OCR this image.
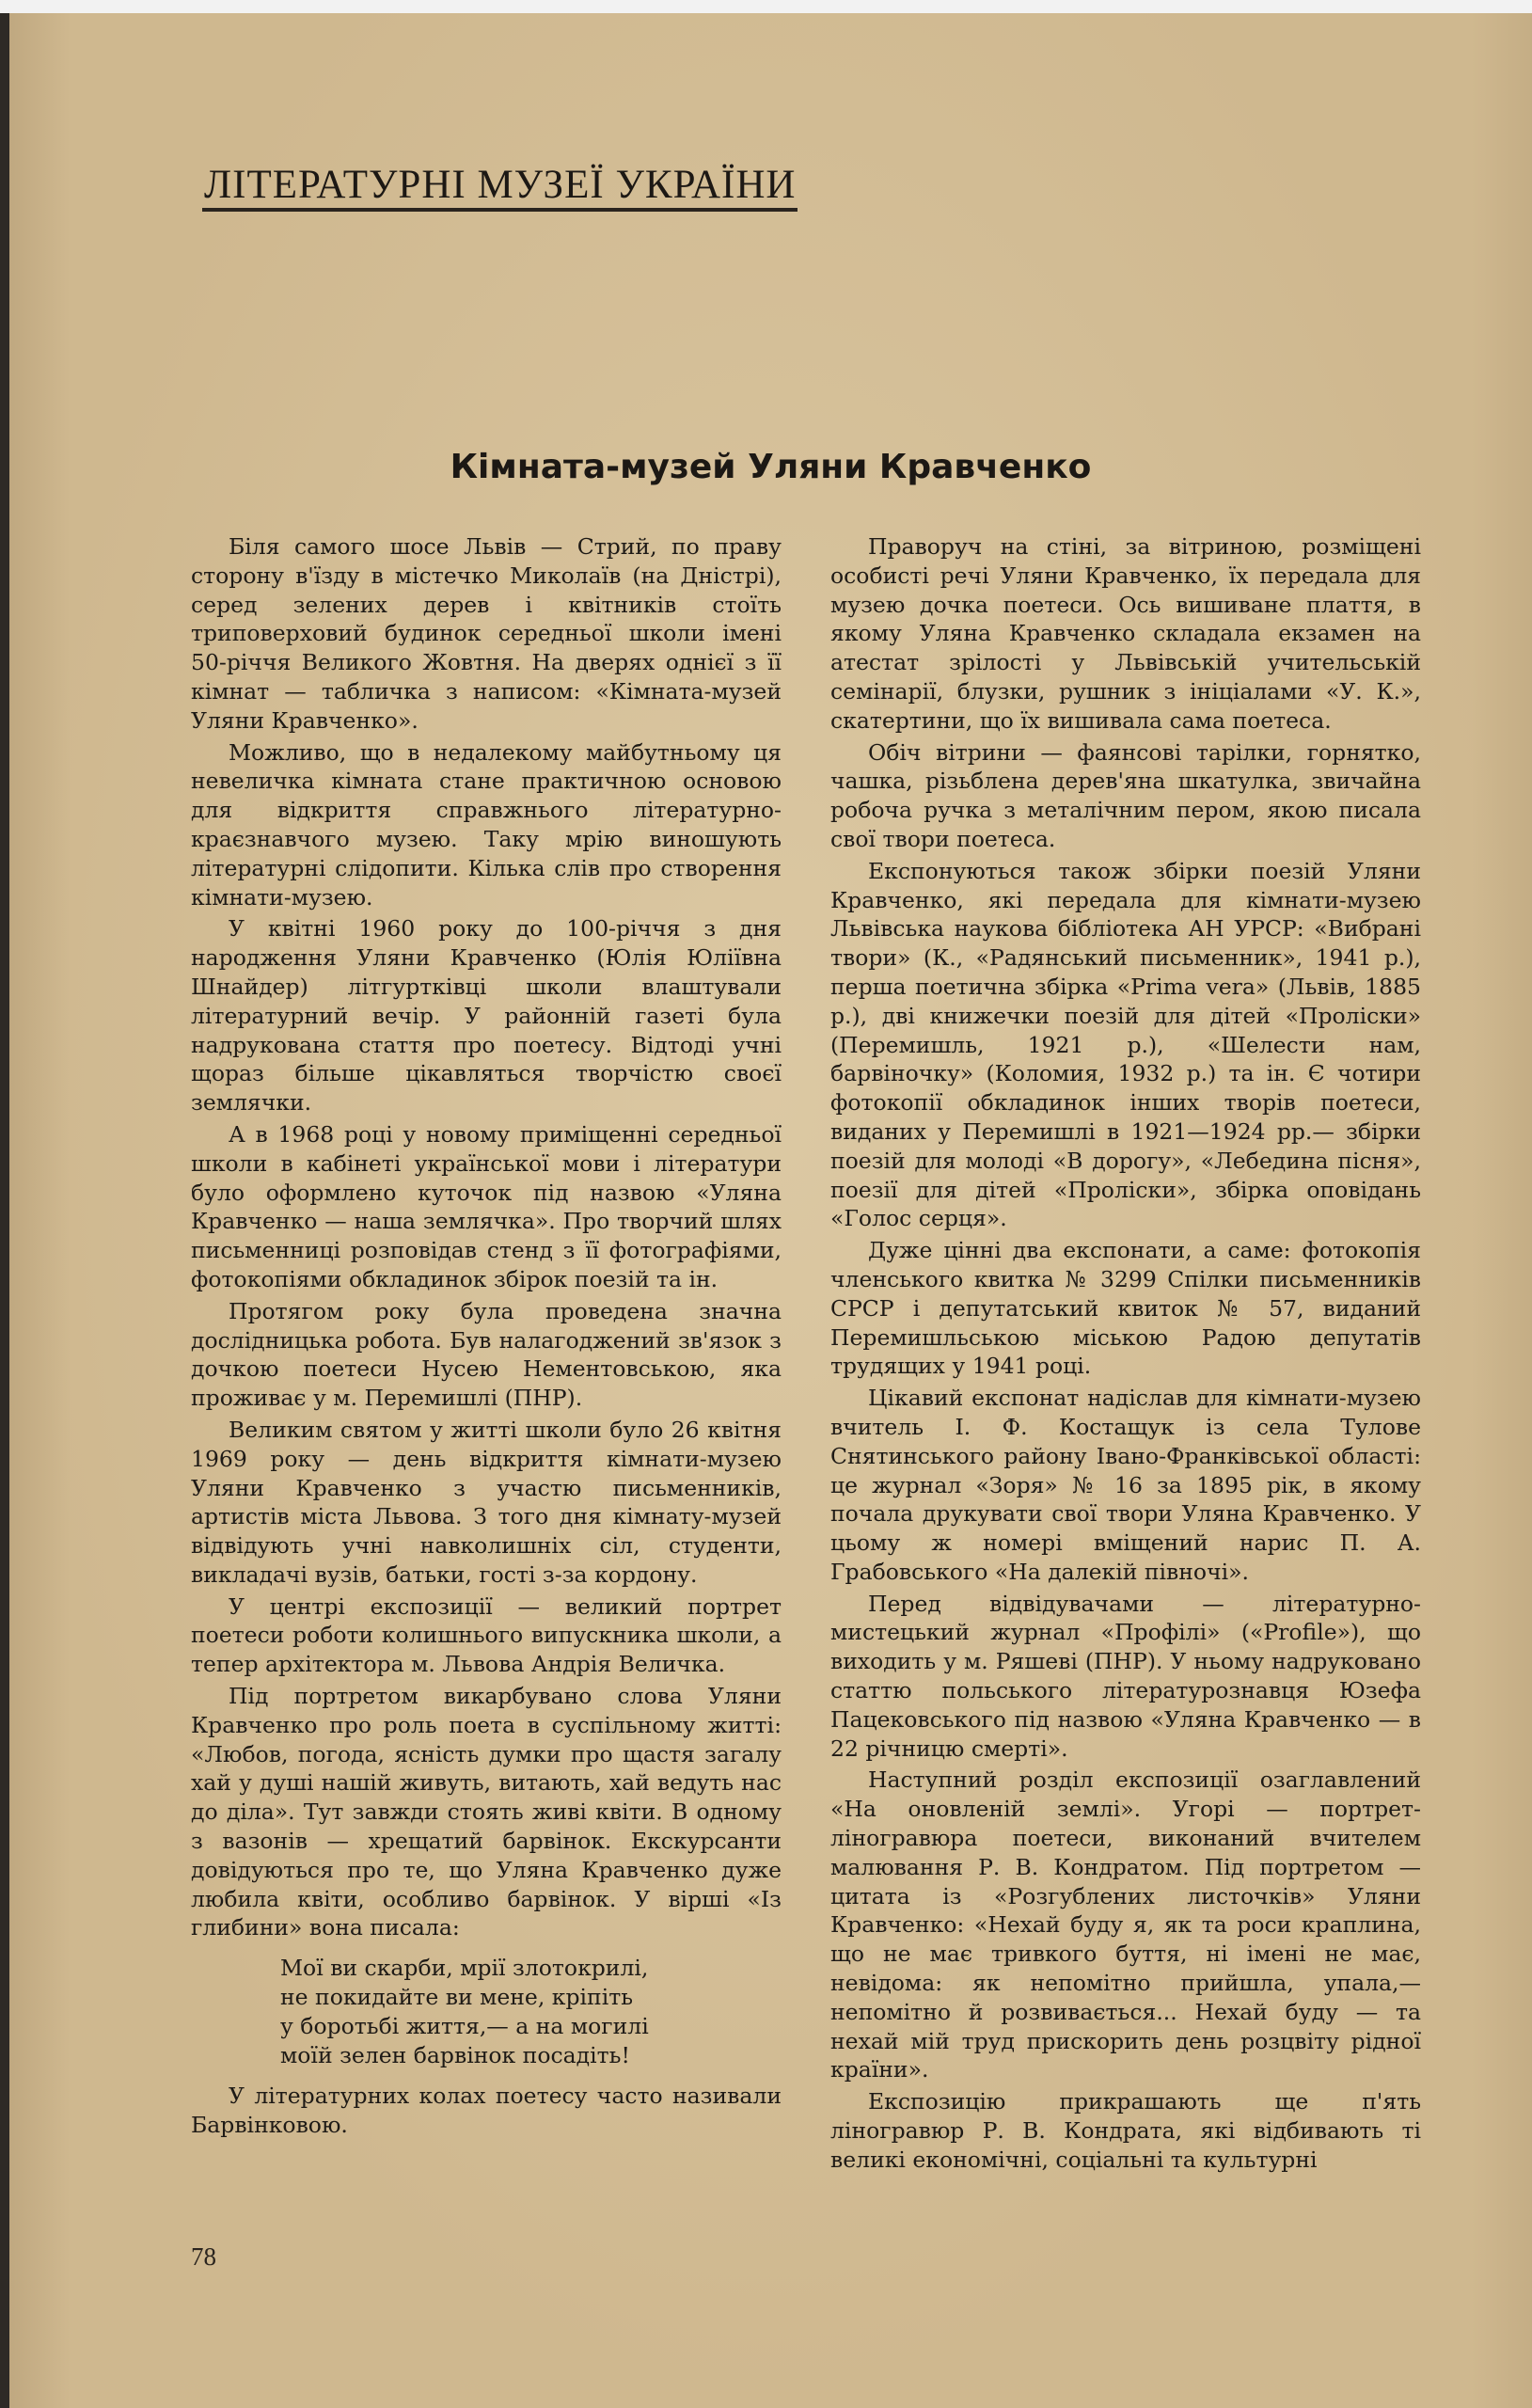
ЛІТЕРАТУРНІ МУЗЕЇ УКРАЇНИ
Кімната-музей Уляни Кравченко

Біля самого шосе Львів — Стрий, по праву сторону в'їзду в містечко Миколаїв (на Дністрі), серед зелених дерев і квітників стоїть триповерховий будинок середньої школи імені 50-річчя Великого Жовтня. На дверях однієї з її кімнат — табличка з написом: «Кімната-музей Уляни Кравченко».

Можливо, що в недалекому майбутньому ця невеличка кімната стане практичною основою для відкриття справжнього літературно-краєзнавчого музею. Таку мрію виношують літературні слідопити. Кілька слів про створення кімнати-музею.

У квітні 1960 року до 100-річчя з дня народження Уляни Кравченко (Юлія Юліївна Шнайдер) літгуртківці школи влаштували літературний вечір. У районній газеті була надрукована стаття про поетесу. Відтоді учні щораз більше цікавляться творчістю своєї землячки.

А в 1968 році у новому приміщенні середньої школи в кабінеті української мови і літератури було оформлено куточок під назвою «Уляна Кравченко — наша землячка». Про творчий шлях письменниці розповідав стенд з її фотографіями, фотокопіями обкладинок збірок поезій та ін.

Протягом року була проведена значна дослідницька робота. Був налагоджений зв'язок з дочкою поетеси Нусею Нементовською, яка проживає у м. Перемишлі (ПНР).

Великим святом у житті школи було 26 квітня 1969 року — день відкриття кімнати-музею Уляни Кравченко з участю письменників, артистів міста Львова. З того дня кімнату-музей відвідують учні навколишніх сіл, студенти, викладачі вузів, батьки, гості з-за кордону.

У центрі експозиції — великий портрет поетеси роботи колишнього випускника школи, а тепер архітектора м. Львова Андрія Величка.

Під портретом викарбувано слова Уляни Кравченко про роль поета в суспільному житті: «Любов, погода, ясність думки про щастя загалу хай у душі нашій живуть, витають, хай ведуть нас до діла». Тут завжди стоять живі квіти. В одному з вазонів — хрещатий барвінок. Екскурсанти довідуються про те, що Уляна Кравченко дуже любила квіти, особливо барвінок. У вірші «Із глибини» вона писала:

Мої ви скарби, мрії злотокрилі,
не покидайте ви мене, кріпіть
у боротьбі життя,— а на могилі
моїй зелен барвінок посадіть!

У літературних колах поетесу часто називали Барвінковою.

Праворуч на стіні, за вітриною, розміщені особисті речі Уляни Кравченко, їх передала для музею дочка поетеси. Ось вишиване плаття, в якому Уляна Кравченко складала екзамен на атестат зрілості у Львівській учительській семінарії, блузки, рушник з ініціалами «У. К.», скатертини, що їх вишивала сама поетеса.

Обіч вітрини — фаянсові тарілки, горнятко, чашка, різьблена дерев'яна шкатулка, звичайна робоча ручка з металічним пером, якою писала свої твори поетеса.

Експонуються також збірки поезій Уляни Кравченко, які передала для кімнати-музею Львівська наукова бібліотека АН УРСР: «Вибрані твори» (К., «Радянський письменник», 1941 р.), перша поетична збірка «Prima vera» (Львів, 1885 р.), дві книжечки поезій для дітей «Проліски» (Перемишль, 1921 р.), «Шелести нам, барвіночку» (Коломия, 1932 р.) та ін. Є чотири фотокопії обкладинок інших творів поетеси, виданих у Перемишлі в 1921—1924 рр.— збірки поезій для молоді «В дорогу», «Лебедина пісня», поезії для дітей «Проліски», збірка оповідань «Голос серця».

Дуже цінні два експонати, а саме: фотокопія членського квитка № 3299 Спілки письменників СРСР і депутатський квиток № 57, виданий Перемишльською міською Радою депутатів трудящих у 1941 році.

Цікавий експонат надіслав для кімнати-музею вчитель І. Ф. Костащук із села Тулове Снятинського району Івано-Франківської області: це журнал «Зоря» № 16 за 1895 рік, в якому почала друкувати свої твори Уляна Кравченко. У цьому ж номері вміщений нарис П. А. Грабовського «На далекій півночі».

Перед відвідувачами — літературно-мистецький журнал «Профілі» («Profile»), що виходить у м. Ряшеві (ПНР). У ньому надруковано статтю польського літературознавця Юзефа Пацековського під назвою «Уляна Кравченко — в 22 річницю смерті».

Наступний розділ експозиції озаглавлений «На оновленій землі». Угорі — портрет-ліногравюра поетеси, виконаний вчителем малювання Р. В. Кондратом. Під портретом — цитата із «Розгублених листочків» Уляни Кравченко: «Нехай буду я, як та роси краплина, що не має тривкого буття, ні імені не має, невідома: як непомітно прийшла, упала,— непомітно й розвивається... Нехай буду — та нехай мій труд прискорить день розцвіту рідної країни».

Експозицію прикрашають ще п'ять ліногравюр Р. В. Кондрата, які відбивають ті великі економічні, соціальні та культурні

78
